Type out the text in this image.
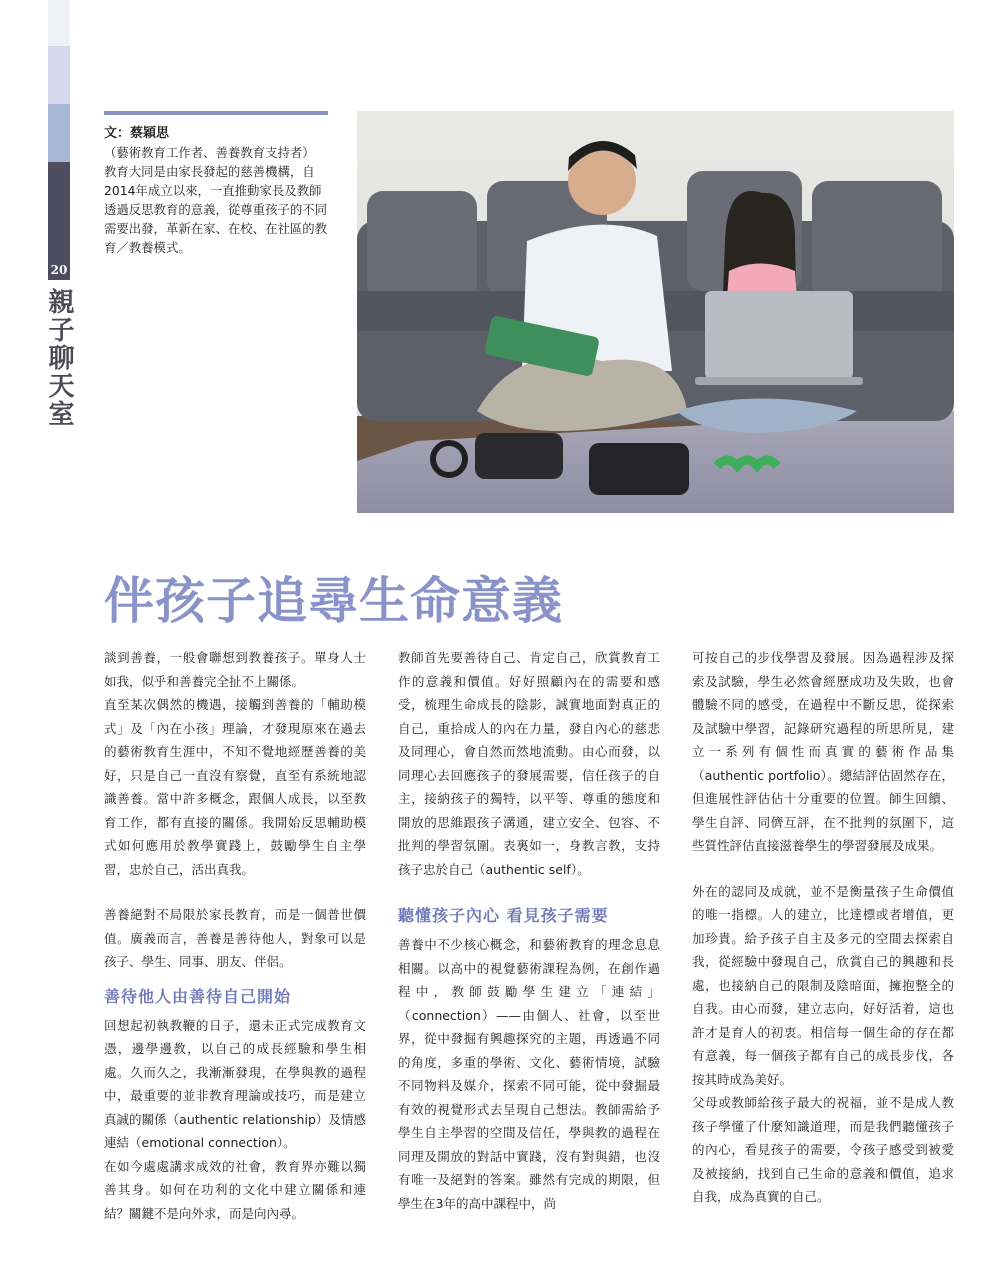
20
親子聊天室
文：蔡穎思
（藝術教育工作者、善養教育支持者）
教育大同是由家長發起的慈善機構，自2014年成立以來，一直推動家長及教師透過反思教育的意義，從尊重孩子的不同需要出發，革新在家、在校、在社區的教育／教養模式。
伴孩子追尋生命意義

談到善養，一般會聯想到教養孩子。單身人士如我，似乎和善養完全扯不上關係。

直至某次偶然的機遇，接觸到善養的「輔助模式」及「內在小孩」理論，才發現原來在過去的藝術教育生涯中，不知不覺地經歷善養的美好，只是自己一直沒有察覺，直至有系統地認識善養。當中許多概念，跟個人成長，以至教育工作，都有直接的關係。我開始反思輔助模式如何應用於教學實踐上，鼓勵學生自主學習，忠於自己，活出真我。

善養絕對不局限於家長教育，而是一個普世價值。廣義而言，善養是善待他人，對象可以是孩子、學生、同事、朋友、伴侶。

善待他人由善待自己開始

回想起初執教鞭的日子，還未正式完成教育文憑，邊學邊教，以自己的成長經驗和學生相處。久而久之，我漸漸發現，在學與教的過程中，最重要的並非教育理論或技巧，而是建立真誠的關係（authentic relationship）及情感連結（emotional connection）。

在如今處處講求成效的社會，教育界亦難以獨善其身。如何在功利的文化中建立關係和連結？關鍵不是向外求，而是向內尋。

教師首先要善待自己、肯定自己，欣賞教育工作的意義和價值。好好照顧內在的需要和感受，梳理生命成長的陰影，誠實地面對真正的自己，重拾成人的內在力量，發自內心的慈悲及同理心，會自然而然地流動。由心而發，以同理心去回應孩子的發展需要，信任孩子的自主，接納孩子的獨特，以平等、尊重的態度和開放的思維跟孩子溝通，建立安全、包容、不批判的學習氛圍。表裏如一，身教言教，支持孩子忠於自己（authentic self）。

聽懂孩子內心 看見孩子需要

善養中不少核心概念，和藝術教育的理念息息相關。以高中的視覺藝術課程為例，在創作過程中，教師鼓勵學生建立「連結」（connection）——由個人、社會，以至世界，從中發掘有興趣探究的主題，再透過不同的角度，多重的學術、文化、藝術情境，試驗不同物料及媒介，探索不同可能，從中發掘最有效的視覺形式去呈現自己想法。教師需給予學生自主學習的空間及信任，學與教的過程在同理及開放的對話中實踐，沒有對與錯，也沒有唯一及絕對的答案。雖然有完成的期限，但學生在3年的高中課程中，尚

可按自己的步伐學習及發展。因為過程涉及探索及試驗，學生必然會經歷成功及失敗，也會體驗不同的感受，在過程中不斷反思，從探索及試驗中學習，記錄研究過程的所思所見，建立一系列有個性而真實的藝術作品集（authentic portfolio）。總結評估固然存在，但進展性評估佔十分重要的位置。師生回饋、學生自評、同儕互評，在不批判的氛圍下，這些質性評估直接滋養學生的學習發展及成果。

外在的認同及成就，並不是衡量孩子生命價值的唯一指標。人的建立，比達標或者增值，更加珍貴。給予孩子自主及多元的空間去探索自我，從經驗中發現自己，欣賞自己的興趣和長處，也接納自己的限制及陰暗面，擁抱整全的自我。由心而發，建立志向，好好活着，這也許才是育人的初衷。相信每一個生命的存在都有意義，每一個孩子都有自己的成長步伐，各按其時成為美好。

父母或教師給孩子最大的祝福，並不是成人教孩子學懂了什麼知識道理，而是我們聽懂孩子的內心，看見孩子的需要，令孩子感受到被愛及被接納，找到自己生命的意義和價值，追求自我，成為真實的自己。
